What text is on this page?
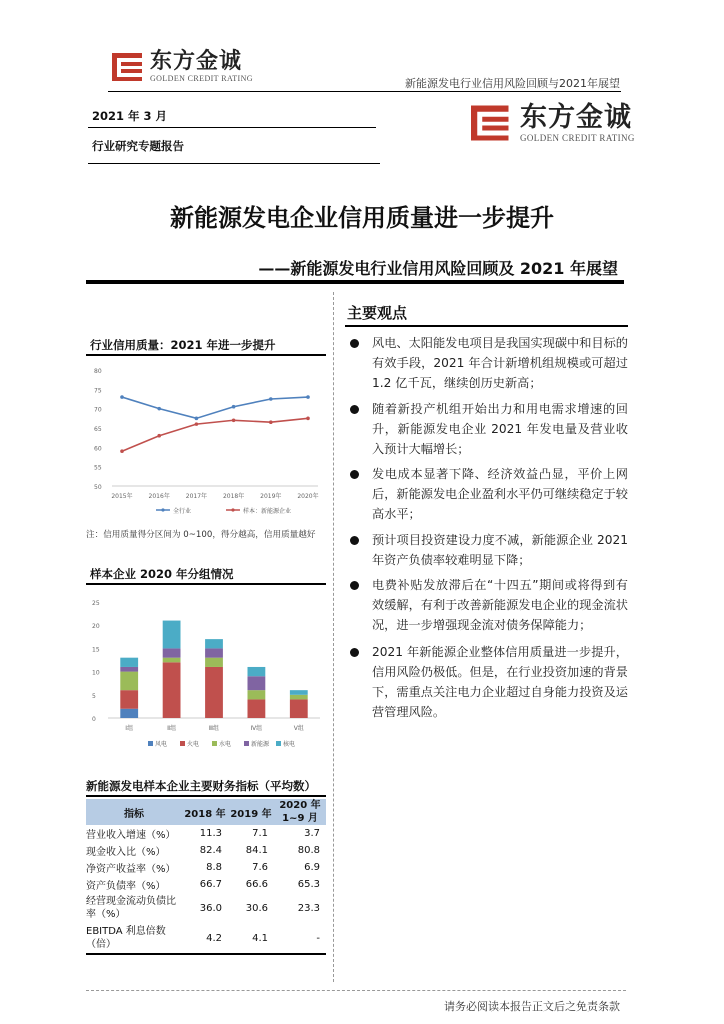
东方金诚
GOLDEN CREDIT RATING	新能源发电行业信用风险回顾与2021年展望
2021 年 3 月
行业研究专题报告
东方金诚
GOLDEN CREDIT RATING
新能源发电企业信用质量进一步提升
——新能源发电行业信用风险回顾及 2021 年展望
主要观点
风电、太阳能发电项目是我国实现碳中和目标的有效手段，2021 年合计新增机组规模或可超过 1.2 亿千瓦，继续创历史新高；
随着新投产机组开始出力和用电需求增速的回升，新能源发电企业 2021 年发电量及营业收入预计大幅增长；
发电成本显著下降、经济效益凸显，平价上网后，新能源发电企业盈利水平仍可继续稳定于较高水平；
预计项目投资建设力度不减，新能源企业 2021 年资产负债率较难明显下降；
电费补贴发放滞后在“十四五”期间或将得到有效缓解，有利于改善新能源发电企业的现金流状况，进一步增强现金流对债务保障能力；
2021 年新能源企业整体信用质量进一步提升，信用风险仍极低。但是，在行业投资加速的背景下，需重点关注电力企业超过自身能力投资及运营管理风险。
行业信用质量：2021 年进一步提升
80
75
70
65
60
55
50
2015年	2016年	2017年	2018年	2019年	2020年
全行业	样本：新能源企业
注：信用质量得分区间为 0~100，得分越高，信用质量越好
样本企业 2020 年分组情况
25
20
15
10
5
0
Ⅰ组	Ⅱ组	Ⅲ组	Ⅳ组	Ⅴ组
风电	火电	水电	新能源 核电
新能源发电样本企业主要财务指标（平均数）
指标	2018 年	2019 年	2020 年 1~9 月
营业收入增速（%）	11.3	7.1	3.7
现金收入比（%）	82.4	84.1	80.8
净资产收益率（%）	8.8	7.6	6.9
资产负债率（%）	66.7	66.6	65.3
经营现金流动负债比率（%）	36.0	30.6	23.3
EBITDA 利息倍数（倍）	4.2	4.1	-
请务必阅读本报告正文后之免责条款
